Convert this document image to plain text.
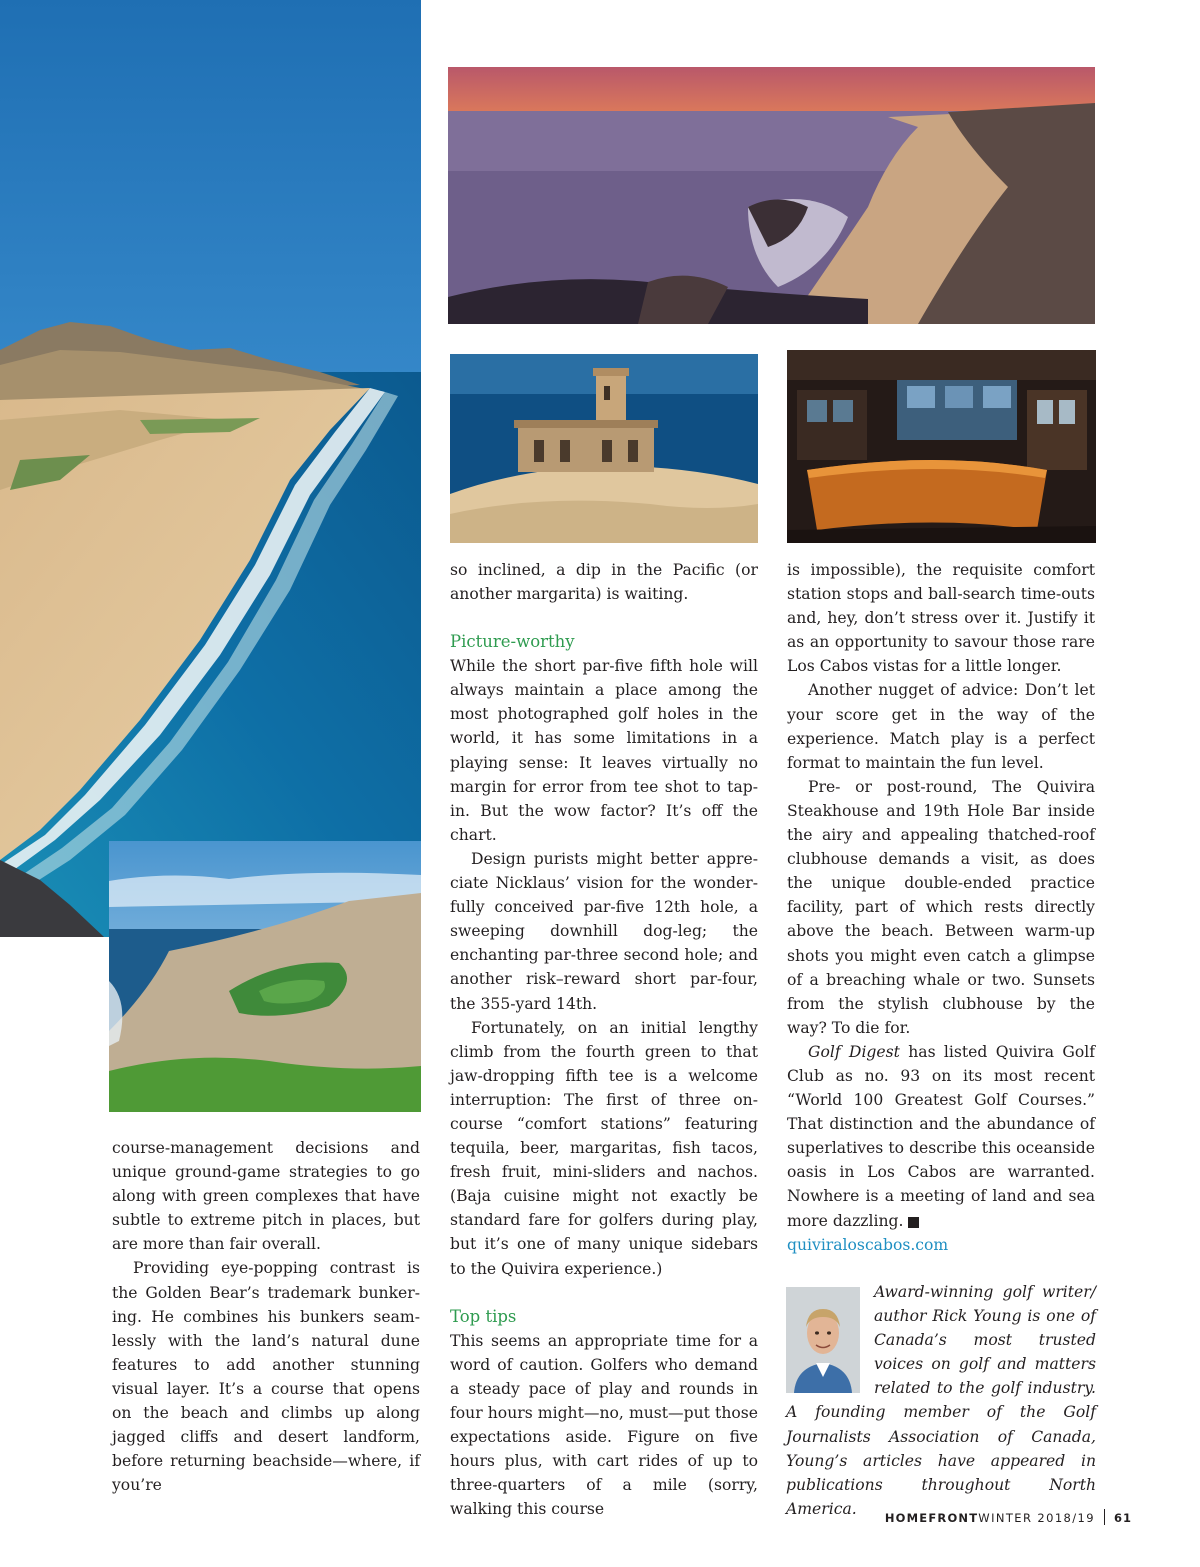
course-management decisions and unique ground-game strategies to go along with green complexes that have subtle to extreme pitch in places, but are more than fair overall.

Providing eye-popping contrast is the Golden Bear’s trademark bunkering. He combines his bunkers seamlessly with the land’s natural dune features to add another stunning visual layer. It’s a course that opens on the beach and climbs up along jagged cliffs and desert landform, before returning beachside—where, if you’re

so inclined, a dip in the Pacific (or another margarita) is waiting.

Picture-worthy

While the short par-five fifth hole will always maintain a place among the most photographed golf holes in the world, it has some limitations in a playing sense: It leaves virtually no margin for error from tee shot to tap-in. But the wow factor? It’s off the chart.

Design purists might better appreciate Nicklaus’ vision for the wonderfully conceived par-five 12th hole, a sweeping downhill dog-leg; the enchanting par-three second hole; and another risk–reward short par-four, the 355-yard 14th.

Fortunately, on an initial lengthy climb from the fourth green to that jaw-dropping fifth tee is a welcome interruption: The first of three on-course “comfort stations” featuring tequila, beer, margaritas, fish tacos, fresh fruit, mini-sliders and nachos. (Baja cuisine might not exactly be standard fare for golfers during play, but it’s one of many unique sidebars to the Quivira experience.)

Top tips

This seems an appropriate time for a word of caution. Golfers who demand a steady pace of play and rounds in four hours might—no, must—put those expectations aside. Figure on five hours plus, with cart rides of up to three-quarters of a mile (sorry, walking this course

is impossible), the requisite comfort station stops and ball-search time-outs and, hey, don’t stress over it. Justify it as an opportunity to savour those rare Los Cabos vistas for a little longer.

Another nugget of advice: Don’t let your score get in the way of the experience. Match play is a perfect format to maintain the fun level.

Pre- or post-round, The Quivira Steakhouse and 19th Hole Bar inside the airy and appealing thatched-roof clubhouse demands a visit, as does the unique double-ended practice facility, part of which rests directly above the beach. Between warm-up shots you might even catch a glimpse of a breaching whale or two. Sunsets from the stylish clubhouse by the way? To die for.

Golf Digest has listed Quivira Golf Club as no. 93 on its most recent “World 100 Greatest Golf Courses.” That distinction and the abundance of superlatives to describe this oceanside oasis in Los Cabos are warranted. Nowhere is a meeting of land and sea more dazzling.	H

quiviraloscabos.com

Award-winning golf writer/ author Rick Young is one of Canada’s most trusted voices on golf and matters related to the golf industry. A founding member of the Golf Journalists Association of Canada, Young’s articles have appeared in publications throughout North America.
HOMEFRONTWINTER 2018/19 61
